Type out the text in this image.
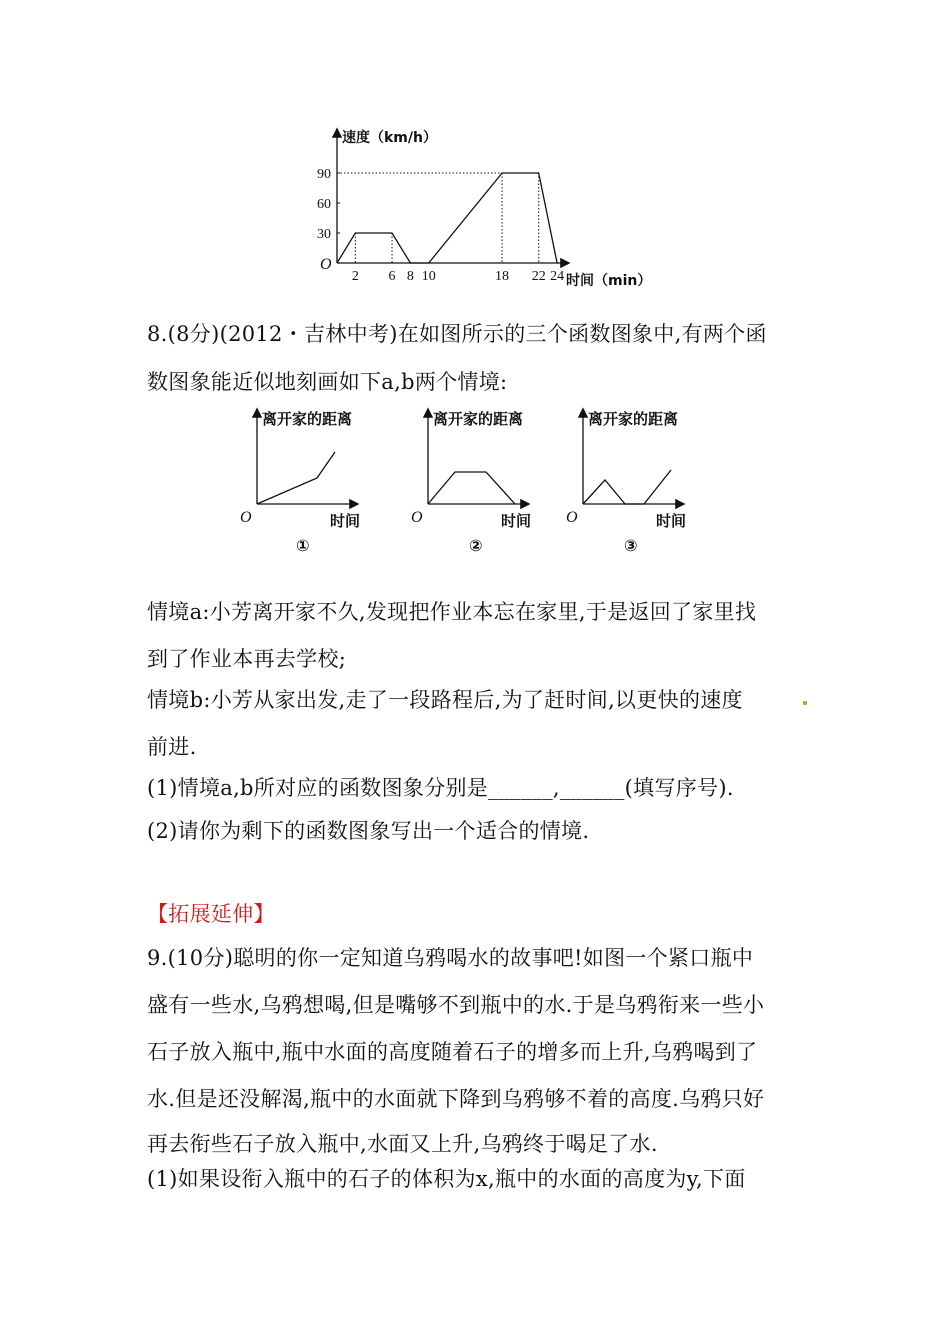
速度（km/h）
时间（min）
O
30
60
90
2 6 8 10	18 22 24
8.(8分)(2012・吉林中考)在如图所示的三个函数图象中,有两个函
数图象能近似地刻画如下a,b两个情境:
离开家的距离
时间
O
①
离开家的距离
时间
O
②
离开家的距离
时间
O
③
情境a:小芳离开家不久,发现把作业本忘在家里,于是返回了家里找
到了作业本再去学校;
情境b:小芳从家出发,走了一段路程后,为了赶时间,以更快的速度
前进.
(1)情境a,b所对应的函数图象分别是______,______(填写序号).
(2)请你为剩下的函数图象写出一个适合的情境.
【拓展延伸】
9.(10分)聪明的你一定知道乌鸦喝水的故事吧!如图一个紧口瓶中
盛有一些水,乌鸦想喝,但是嘴够不到瓶中的水.于是乌鸦衔来一些小
石子放入瓶中,瓶中水面的高度随着石子的增多而上升,乌鸦喝到了
水.但是还没解渴,瓶中的水面就下降到乌鸦够不着的高度.乌鸦只好
再去衔些石子放入瓶中,水面又上升,乌鸦终于喝足了水.
(1)如果设衔入瓶中的石子的体积为x,瓶中的水面的高度为y,下面
